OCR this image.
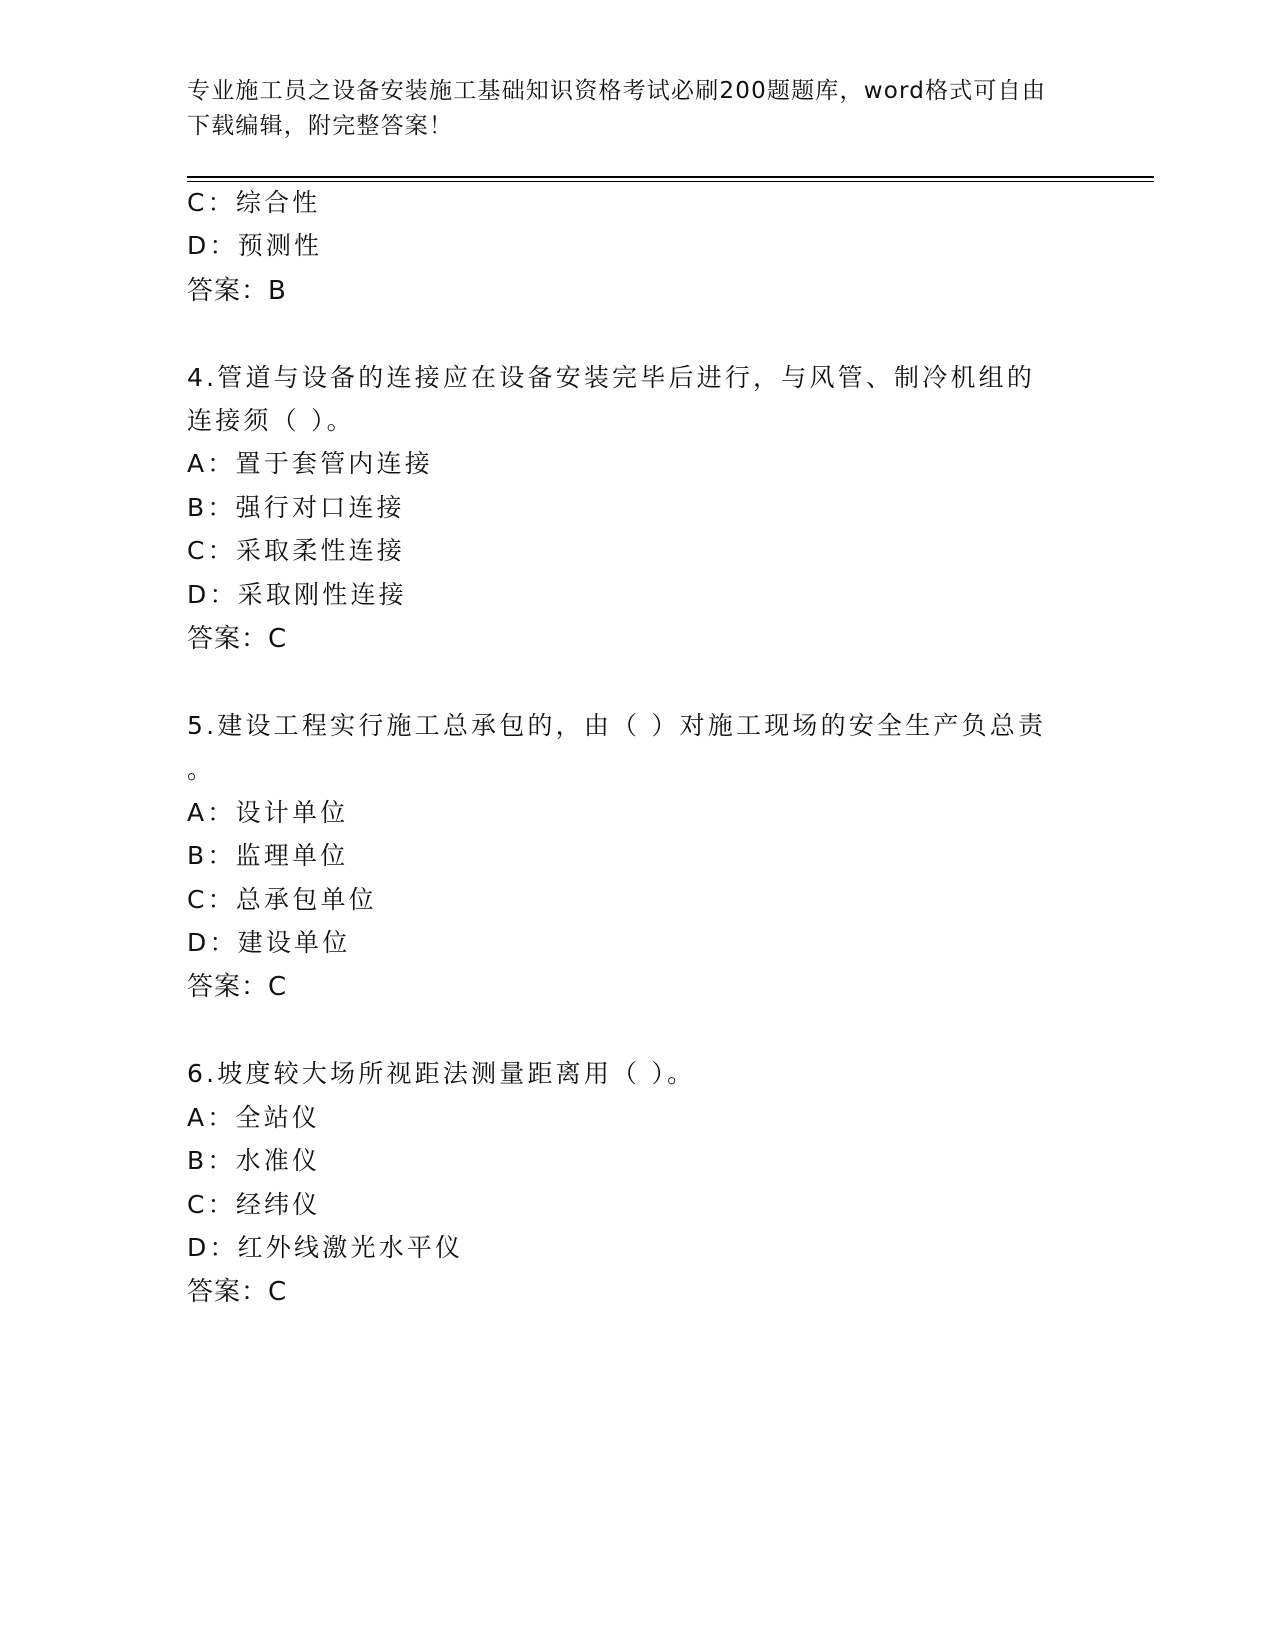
专业施工员之设备安装施工基础知识资格考试必刷200题题库，word格式可自由
下载编辑，附完整答案！
C：综合性
D：预测性
答案：B
4.管道与设备的连接应在设备安装完毕后进行，与风管、制冷机组的
连接须（ ）。
A：置于套管内连接
B：强行对口连接
C：采取柔性连接
D：采取刚性连接
答案：C
5.建设工程实行施工总承包的，由（ ）对施工现场的安全生产负总责
。
A：设计单位
B：监理单位
C：总承包单位
D：建设单位
答案：C
6.坡度较大场所视距法测量距离用（ ）。
A：全站仪
B：水准仪
C：经纬仪
D：红外线激光水平仪
答案：C
